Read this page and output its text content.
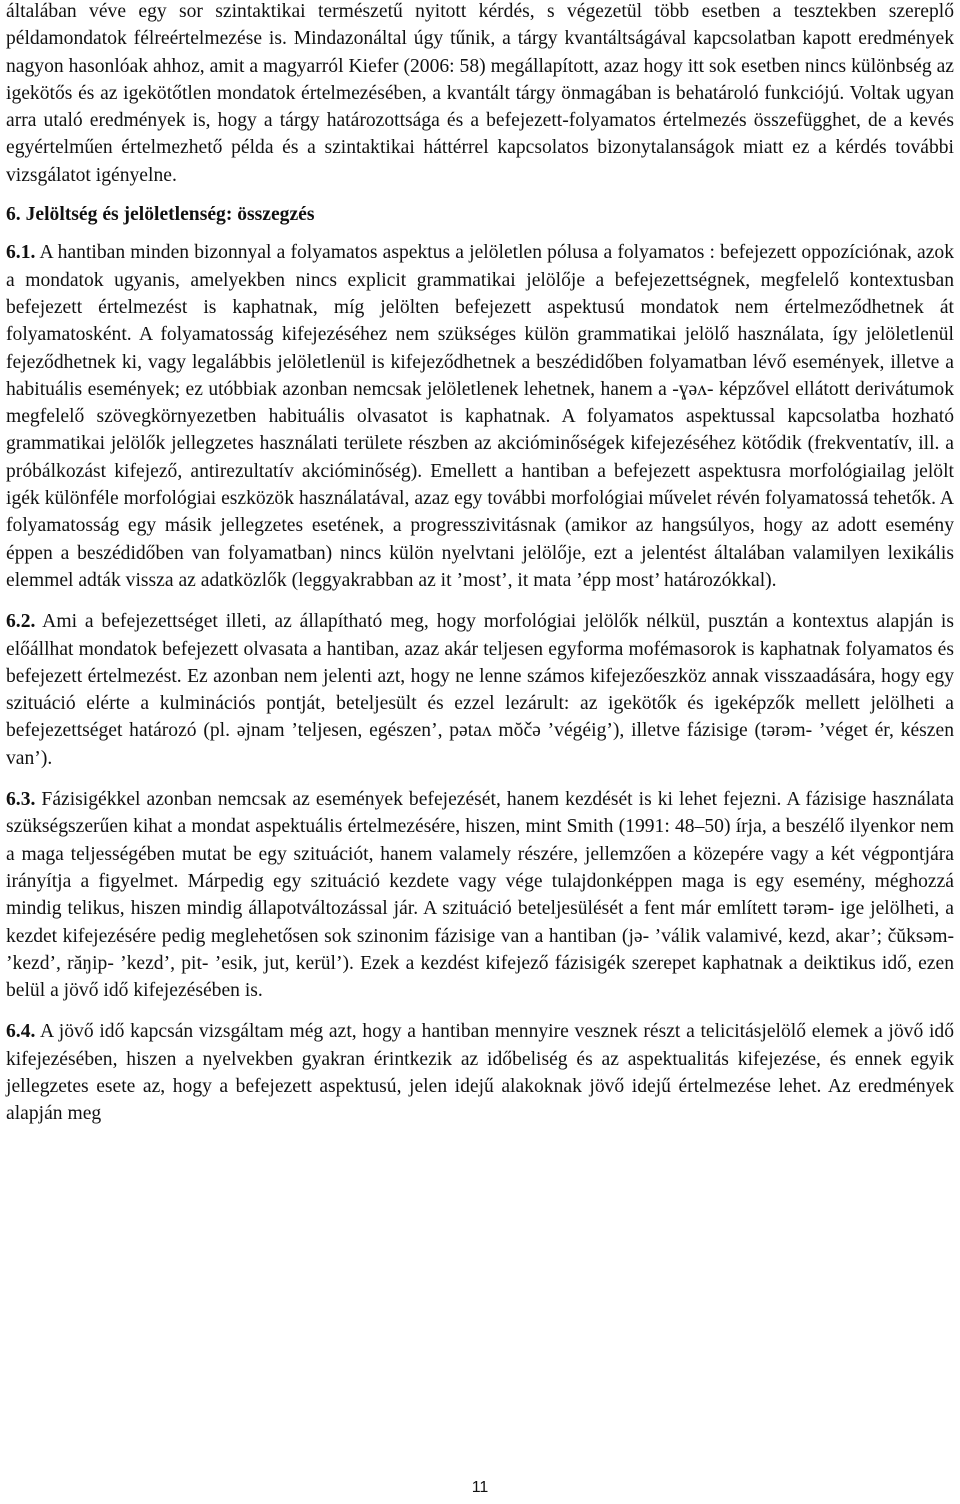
általában véve egy sor szintaktikai természetű nyitott kérdés, s végezetül több esetben a tesztekben szereplő példamondatok félreértelmezése is. Mindazonáltal úgy tűnik, a tárgy kvantáltságával kapcsolatban kapott eredmények nagyon hasonlóak ahhoz, amit a magyarról Kiefer (2006: 58) megállapított, azaz hogy itt sok esetben nincs különbség az igekötős és az igekötőtlen mondatok értelmezésében, a kvantált tárgy önmagában is behatároló funkciójú. Voltak ugyan arra utaló eredmények is, hogy a tárgy határozottsága és a befejezett-folyamatos értelmezés összefügghet, de a kevés egyértelműen értelmezhető példa és a szintaktikai háttérrel kapcsolatos bizonytalanságok miatt ez a kérdés további vizsgálatot igényelne.

6. Jelöltség és jelöletlenség: összegzés

6.1. A hantiban minden bizonnyal a folyamatos aspektus a jelöletlen pólusa a folyamatos : befejezett oppozíciónak, azok a mondatok ugyanis, amelyekben nincs explicit grammatikai jelölője a befejezettségnek, megfelelő kontextusban befejezett értelmezést is kaphatnak, míg jelölten befejezett aspektusú mondatok nem értelmeződhetnek át folyamatosként. A folyamatosság kifejezéséhez nem szükséges külön grammatikai jelölő használata, így jelöletlenül fejeződhetnek ki, vagy legalábbis jelöletlenül is kifejeződhetnek a beszédidőben folyamatban lévő események, illetve a habituális események; ez utóbbiak azonban nemcsak jelöletlenek lehetnek, hanem a -ɣəʌ- képzővel ellátott derivátumok megfelelő szövegkörnyezetben habituális olvasatot is kaphatnak. A folyamatos aspektussal kapcsolatba hozható grammatikai jelölők jellegzetes használati területe részben az akcióminőségek kifejezéséhez kötődik (frekventatív, ill. a próbálkozást kifejező, antirezultatív akcióminőség). Emellett a hantiban a befejezett aspektusra morfológiailag jelölt igék különféle morfológiai eszközök használatával, azaz egy további morfológiai művelet révén folyamatossá tehetők. A folyamatosság egy másik jellegzetes esetének, a progresszivitásnak (amikor az hangsúlyos, hogy az adott esemény éppen a beszédidőben van folyamatban) nincs külön nyelvtani jelölője, ezt a jelentést általában valamilyen lexikális elemmel adták vissza az adatközlők (leggyakrabban az it ’most’, it mata ’épp most’ határozókkal).

6.2. Ami a befejezettséget illeti, az állapítható meg, hogy morfológiai jelölők nélkül, pusztán a kontextus alapján is előállhat mondatok befejezett olvasata a hantiban, azaz akár teljesen egyforma mofémasorok is kaphatnak folyamatos és befejezett értelmezést. Ez azonban nem jelenti azt, hogy ne lenne számos kifejezőeszköz annak visszaadására, hogy egy szituáció elérte a kulminációs pontját, beteljesült és ezzel lezárult: az igekötők és igeképzők mellett jelölheti a befejezettséget határozó (pl. əjnam ’teljesen, egészen’, pətaʌ mŏčə ’végéig’), illetve fázisige (tərəm- ’véget ér, készen van’).

6.3. Fázisigékkel azonban nemcsak az események befejezését, hanem kezdését is ki lehet fejezni. A fázisige használata szükségszerűen kihat a mondat aspektuális értelmezésére, hiszen, mint Smith (1991: 48–50) írja, a beszélő ilyenkor nem a maga teljességében mutat be egy szituációt, hanem valamely részére, jellemzően a közepére vagy a két végpontjára irányítja a figyelmet. Márpedig egy szituáció kezdete vagy vége tulajdonképpen maga is egy esemény, méghozzá mindig telikus, hiszen mindig állapotváltozással jár. A szituáció beteljesülését a fent már említett tərəm- ige jelölheti, a kezdet kifejezésére pedig meglehetősen sok szinonim fázisige van a hantiban (jə- ’válik valamivé, kezd, akar’; čŭksəm- ’kezd’, răŋip- ’kezd’, pit- ’esik, jut, kerül’). Ezek a kezdést kifejező fázisigék szerepet kaphatnak a deiktikus idő, ezen belül a jövő idő kifejezésében is.

6.4. A jövő idő kapcsán vizsgáltam még azt, hogy a hantiban mennyire vesznek részt a telicitásjelölő elemek a jövő idő kifejezésében, hiszen a nyelvekben gyakran érintkezik az időbeliség és az aspektualitás kifejezése, és ennek egyik jellegzetes esete az, hogy a befejezett aspektusú, jelen idejű alakoknak jövő idejű értelmezése lehet. Az eredmények alapján meg

11
